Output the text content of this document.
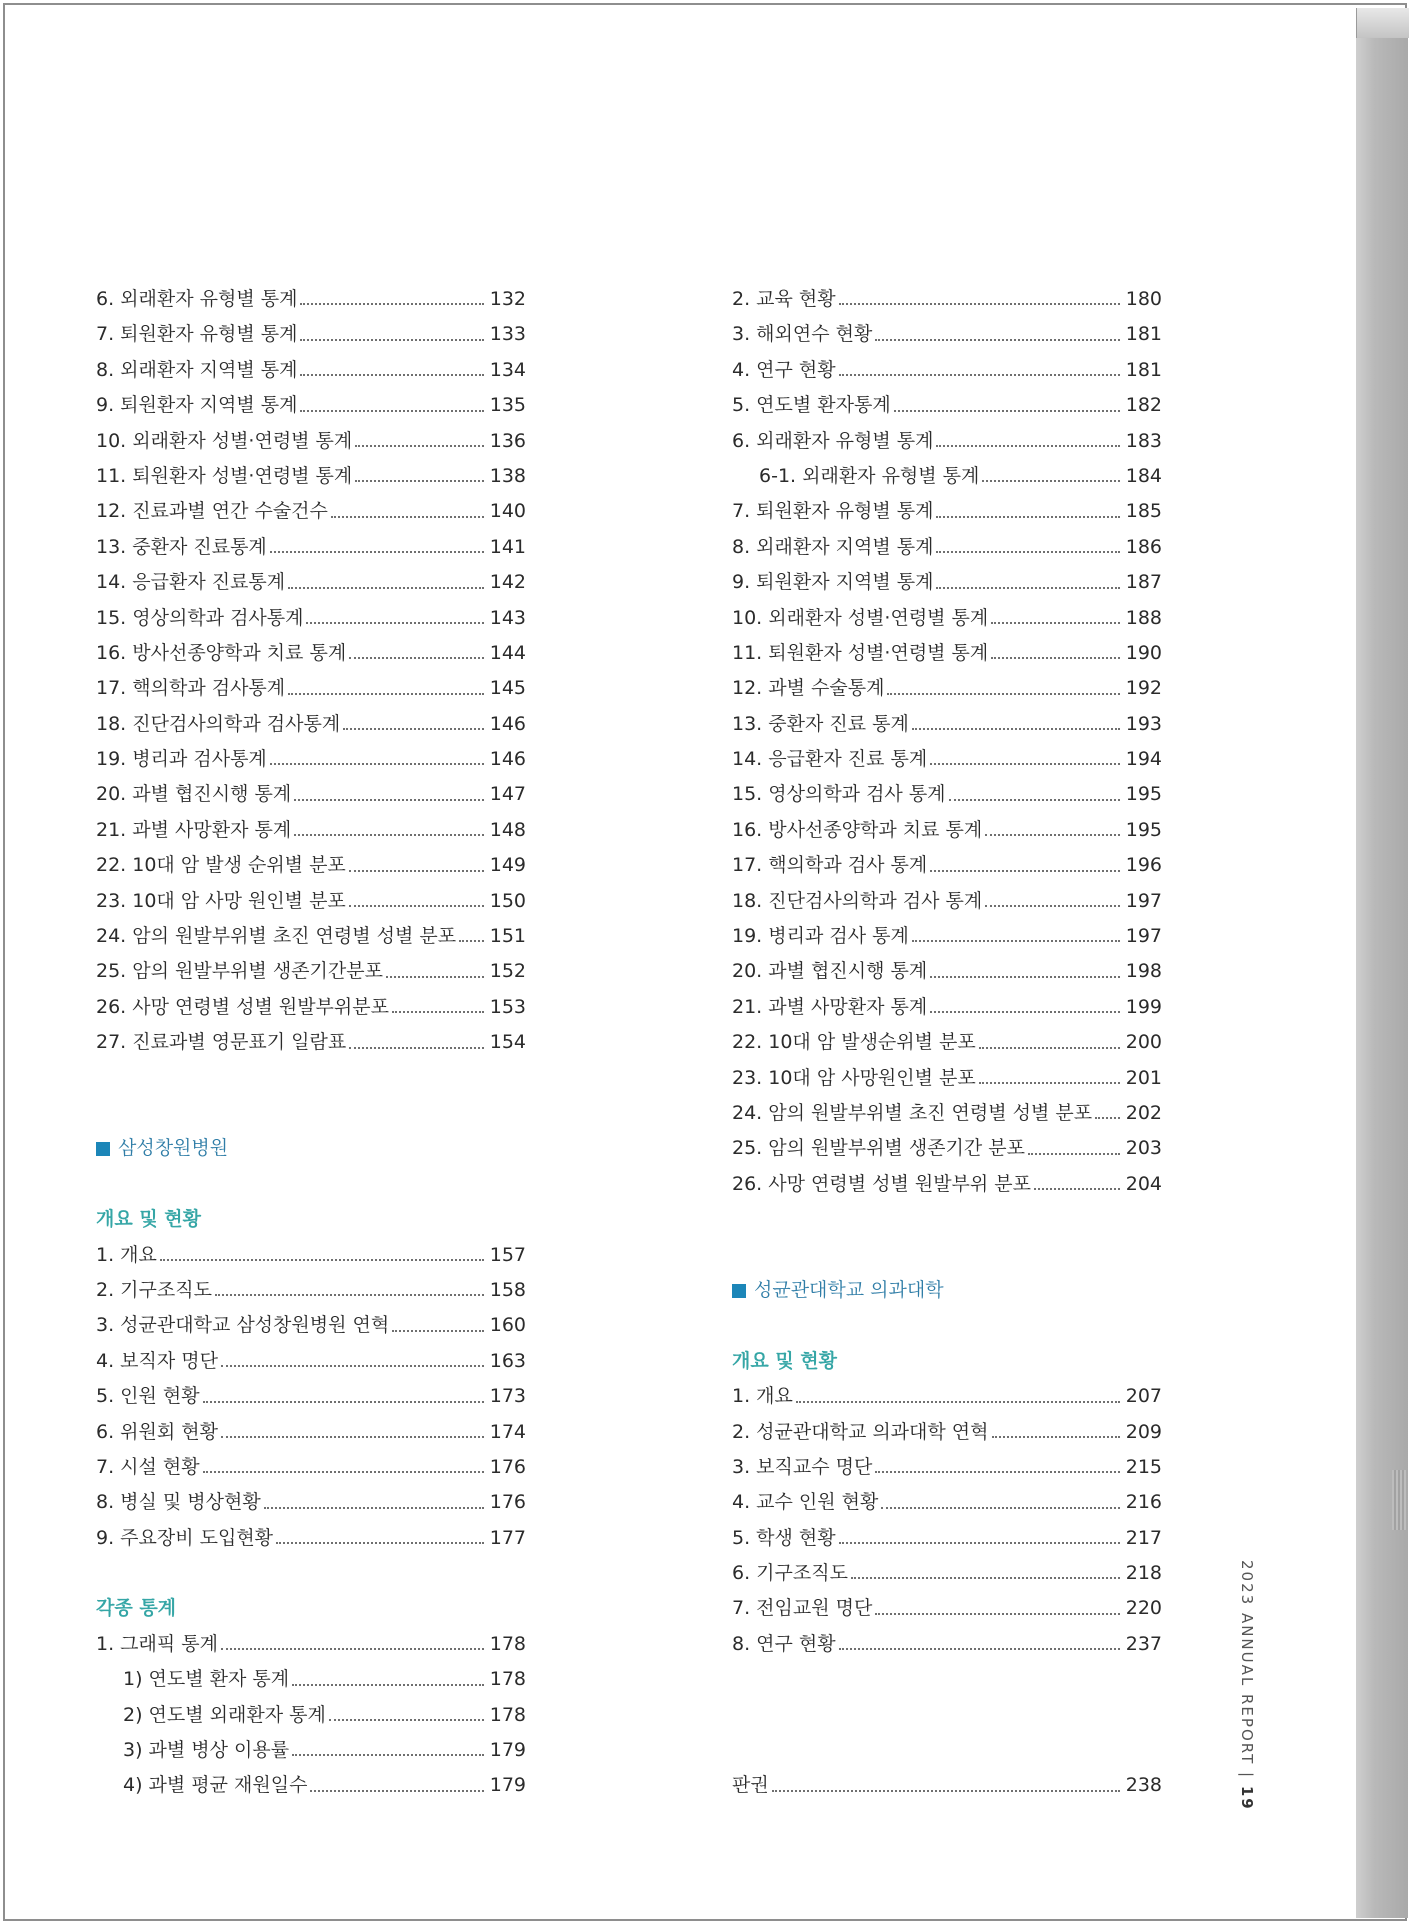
6. 외래환자 유형별 통계	132
7. 퇴원환자 유형별 통계	133
8. 외래환자 지역별 통계	134
9. 퇴원환자 지역별 통계	135
10. 외래환자 성별·연령별 통계	136
11. 퇴원환자 성별·연령별 통계	138
12. 진료과별 연간 수술건수	140
13. 중환자 진료통계	141
14. 응급환자 진료통계	142
15. 영상의학과 검사통계	143
16. 방사선종양학과 치료 통계	144
17. 핵의학과 검사통계	145
18. 진단검사의학과 검사통계	146
19. 병리과 검사통계	146
20. 과별 협진시행 통계	147
21. 과별 사망환자 통계	148
22. 10대 암 발생 순위별 분포	149
23. 10대 암 사망 원인별 분포	150
24. 암의 원발부위별 초진 연령별 성별 분포 151
25. 암의 원발부위별 생존기간분포	152
26. 사망 연령별 성별 원발부위분포	153
27. 진료과별 영문표기 일람표	154
삼성창원병원
개요 및 현황
1. 개요	157
2. 기구조직도	158
3. 성균관대학교 삼성창원병원 연혁	160
4. 보직자 명단	163
5. 인원 현황	173
6. 위원회 현황	174
7. 시설 현황	176
8. 병실 및 병상현황	176
9. 주요장비 도입현황	177
각종 통계
1. 그래픽 통계	178
1) 연도별 환자 통계	178
2) 연도별 외래환자 통계	178
3) 과별 병상 이용률	179
4) 과별 평균 재원일수	179
2. 교육 현황	180
3. 해외연수 현황	181
4. 연구 현황	181
5. 연도별 환자통계	182
6. 외래환자 유형별 통계	183
6-1. 외래환자 유형별 통계	184
7. 퇴원환자 유형별 통계	185
8. 외래환자 지역별 통계	186
9. 퇴원환자 지역별 통계	187
10. 외래환자 성별·연령별 통계	188
11. 퇴원환자 성별·연령별 통계	190
12. 과별 수술통계	192
13. 중환자 진료 통계	193
14. 응급환자 진료 통계	194
15. 영상의학과 검사 통계	195
16. 방사선종양학과 치료 통계	195
17. 핵의학과 검사 통계	196
18. 진단검사의학과 검사 통계	197
19. 병리과 검사 통계	197
20. 과별 협진시행 통계	198
21. 과별 사망환자 통계	199
22. 10대 암 발생순위별 분포	200
23. 10대 암 사망원인별 분포	201
24. 암의 원발부위별 초진 연령별 성별 분포 202
25. 암의 원발부위별 생존기간 분포	203
26. 사망 연령별 성별 원발부위 분포	204
성균관대학교 의과대학
개요 및 현황
1. 개요	207
2. 성균관대학교 의과대학 연혁	209
3. 보직교수 명단	215
4. 교수 인원 현황	216
5. 학생 현황	217
6. 기구조직도	218
7. 전임교원 명단	220
8. 연구 현황	237
판권	238	2023 ANNUAL REPORT | 19
